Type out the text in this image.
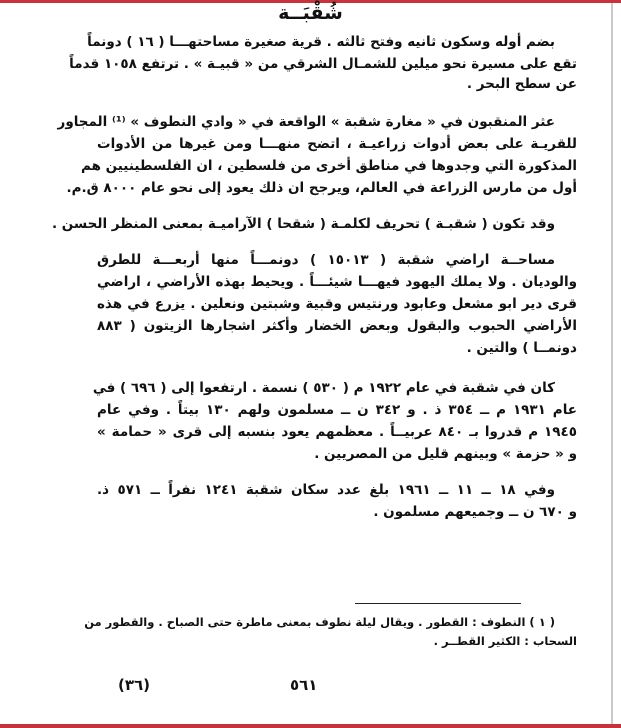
شُقْبَــة
بضم أوله وسكون ثانيه وفتح ثالثه . قرية صغيرة مساحتهـــا ( ١٦ ) دونماً
تقع على مسيرة نحو ميلين للشمـال الشرقي من « قبيـة » . ترتفع ١٠٥٨ قدماً
عن سطح البحر .
عثر المنقبون في « مغارة شقبة » الواقعة في « وادي النطوف » ⁽¹⁾ المجاور
للقريـة على بعض أدوات زراعيـة ، اتضح منهـــا ومن غيرها من الأدوات
المذكورة التي وجدوها في مناطق أخرى من فلسطين ، ان الفلسطينيين هم
أول من مارس الزراعة في العالم، ويرجح ان ذلك يعود إلى نحو عام ٨٠٠٠ ق.م.
وقد تكون ( شقبـة ) تحريف لكلمـة ( شقحا ) الآراميـة بمعنى المنظر الحسن .
مساحــة اراضي شقبة ( ١٥٠١٣ ) دونمـــاً منها أربعـــة للطرق
والوديان . ولا يملك اليهود فيهـــا شيئـــاً . ويحيط بهذه الأراضي ، اراضي
قرى دير ابو مشعل وعابود ورنتيس وقبية وشبتين ونعلين . يزرع في هذه
الأراضي الحبوب والبقول وبعض الخضار وأكثر اشجارها الزيتون ( ٨٨٣
دونمــا ) والتين .
كان في شقبة في عام ١٩٢٢ م ( ٥٣٠ ) نسمة . ارتفعوا إلى ( ٦٩٦ ) في
عام ١٩٣١ م ــ ٣٥٤ ذ . و ٣٤٢ ن ــ مسلمون ولهم ١٣٠ بيتاً . وفي عام
١٩٤٥ م قدروا بـ ٨٤٠ عربيــاً . معظمهم يعود بنسبه إلى قرى « حمامة »
و « حزمة » وبينهم قليل من المصريين .
وفي ١٨ ــ ١١ ــ ١٩٦١ بلغ عدد سكان شقبة ١٢٤١ نفراً ــ ٥٧١ ذ.
و ٦٧٠ ن ــ وجميعهم مسلمون .
( ١ ) النطوف : القطور . ويقال ليلة نطوف بمعنى ماطرة حتى الصباح . والقطور من
السحاب : الكثير القطــر .
٥٦١
(٣٦)
